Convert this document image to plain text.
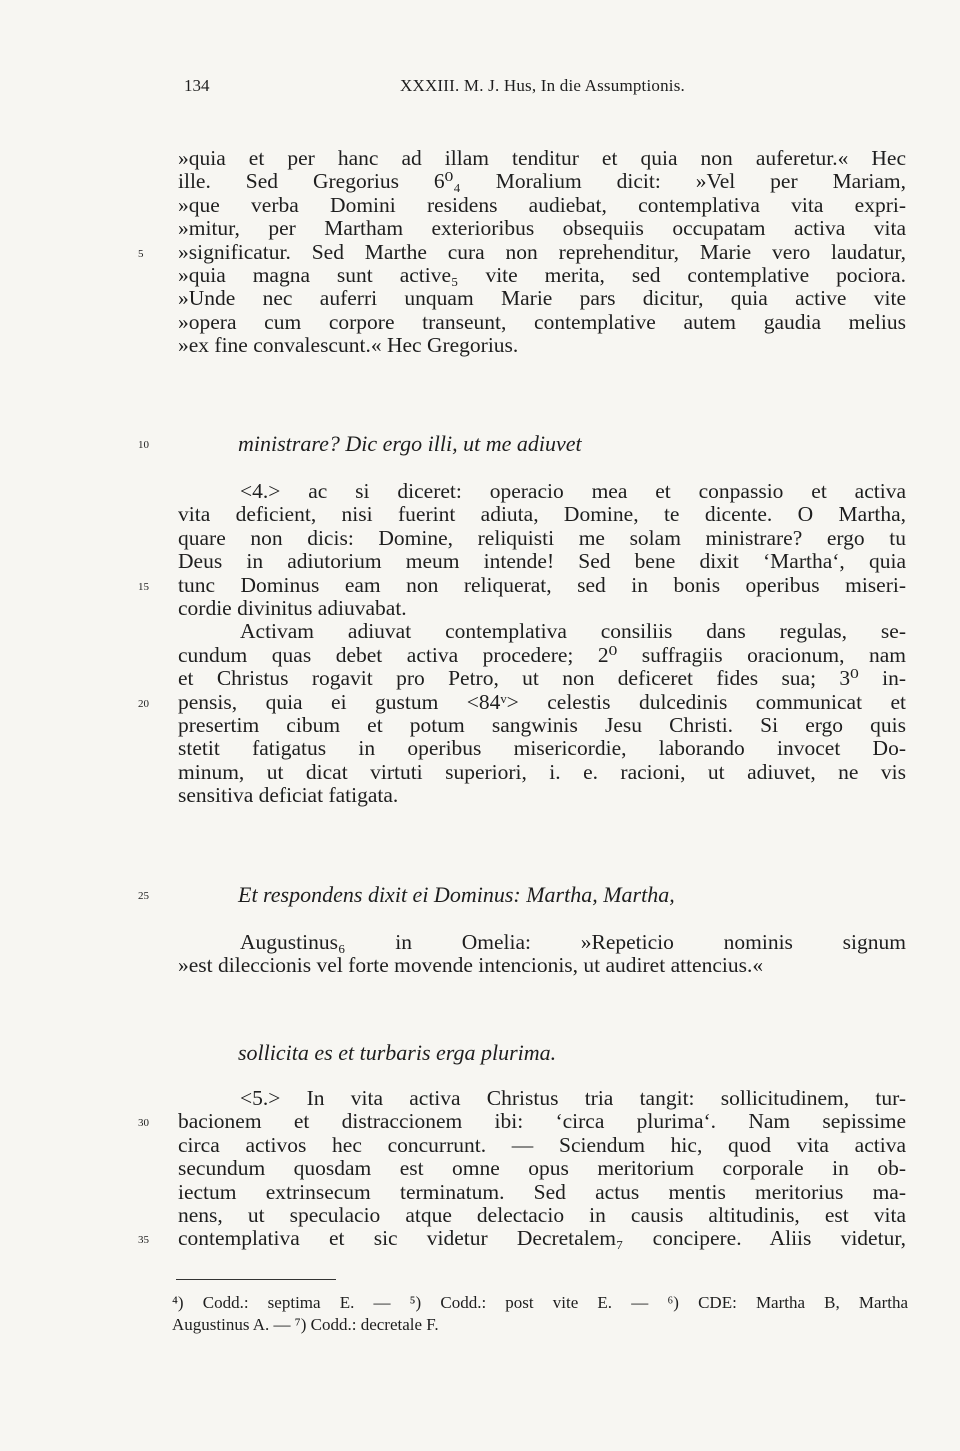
134	XXXIII. M. J. Hus, In die Assumptionis.
»quia et per hanc ad illam tenditur et quia non auferetur.« Hec
ille. Sed Gregorius 6⁰₄ Moralium dicit: »Vel per Mariam,
»que verba Domini residens audiebat, contemplativa vita expri-
»mitur, per Martham exterioribus obsequiis occupatam activa vita
»significatur. Sed Marthe cura non reprehenditur, Marie vero laudatur,
5
»quia magna sunt active₅ vite merita, sed contemplative pociora.
»Unde nec auferri unquam Marie pars dicitur, quia active vite
»opera cum corpore transeunt, contemplative autem gaudia melius
»ex fine convalescunt.« Hec Gregorius.
ministrare? Dic ergo illi, ut me adiuvet
10
<4.> ac si diceret: operacio mea et conpassio et activa
vita deficient, nisi fuerint adiuta, Domine, te dicente. O Martha,
quare non dicis: Domine, reliquisti me solam ministrare? ergo tu
Deus in adiutorium meum intende! Sed bene dixit ‘Martha‘, quia
tunc Dominus eam non reliquerat, sed in bonis operibus miseri-
15
cordie divinitus adiuvabat.
Activam adiuvat contemplativa consiliis dans regulas, se-
cundum quas debet activa procedere; 2⁰ suffragiis oracionum, nam
et Christus rogavit pro Petro, ut non deficeret fides sua; 3⁰ in-
pensis, quia ei gustum <84ᵛ> celestis dulcedinis communicat et
20
presertim cibum et potum sangwinis Jesu Christi. Si ergo quis
stetit fatigatus in operibus misericordie, laborando invocet Do-
minum, ut dicat virtuti superiori, i. e. racioni, ut adiuvet, ne vis
sensitiva deficiat fatigata.
Et respondens dixit ei Dominus: Martha, Martha,
25
Augustinus₆ in Omelia: »Repeticio nominis signum
»est dileccionis vel forte movende intencionis, ut audiret attencius.«
sollicita es et turbaris erga plurima.
<5.> In vita activa Christus tria tangit: sollicitudinem, tur-
bacionem et distraccionem ibi: ‘circa plurima‘. Nam sepissime
30
circa activos hec concurrunt. — Sciendum hic, quod vita activa
secundum quosdam est omne opus meritorium corporale in ob-
iectum extrinsecum terminatum. Sed actus mentis meritorius ma-
nens, ut speculacio atque delectacio in causis altitudinis, est vita
contemplativa et sic videtur Decretalem₇ concipere. Aliis videtur,
35
⁴) Codd.: septima E. — ⁵) Codd.: post vite E. — ⁶) CDE: Martha B, Martha
Augustinus A. — ⁷) Codd.: decretale F.
